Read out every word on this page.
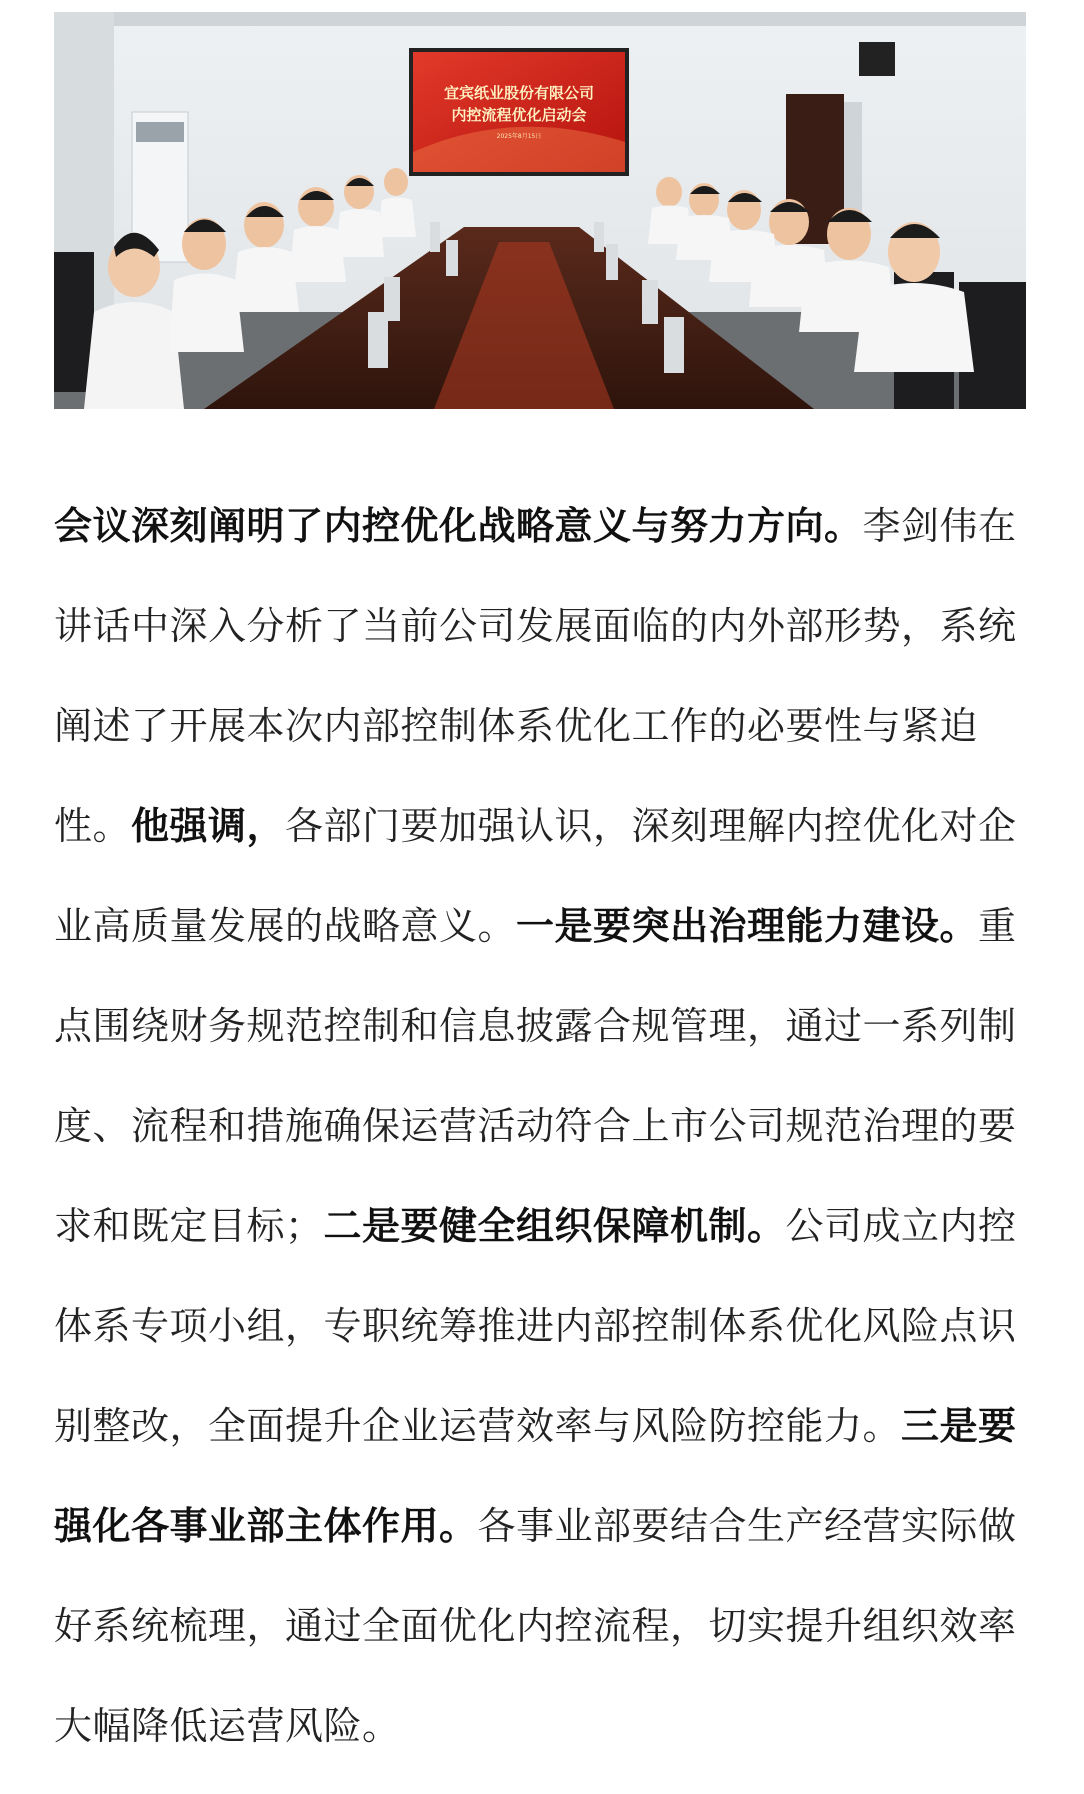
宜宾纸业股份有限公司
内控流程优化启动会
2025年8月15日

会议深刻阐明了内控优化战略意义与努力方向。李剑伟在
讲话中深入分析了当前公司发展面临的内外部形势，系统
阐述了开展本次内部控制体系优化工作的必要性与紧迫
性。他强调，各部门要加强认识，深刻理解内控优化对企
业高质量发展的战略意义。一是要突出治理能力建设。重
点围绕财务规范控制和信息披露合规管理，通过一系列制
度、流程和措施确保运营活动符合上市公司规范治理的要
求和既定目标；二是要健全组织保障机制。公司成立内控
体系专项小组，专职统筹推进内部控制体系优化风险点识
别整改，全面提升企业运营效率与风险防控能力。三是要
强化各事业部主体作用。各事业部要结合生产经营实际做
好系统梳理，通过全面优化内控流程，切实提升组织效率
大幅降低运营风险。
